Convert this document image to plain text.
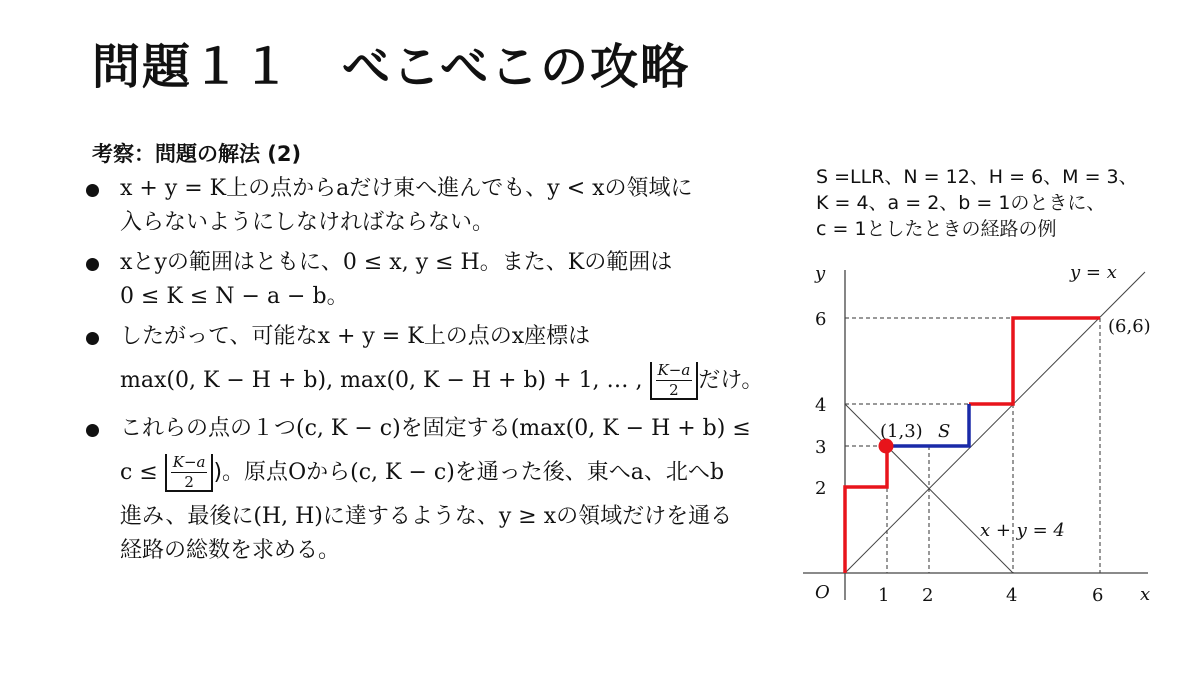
問題１１　べこべこの攻略
考察：問題の解法 (2)
x + y = K上の点からaだけ東へ進んでも、y < xの領域に
入らないようにしなければならない。
xとyの範囲はともに、0 ≤ x, y ≤ H。また、Kの範囲は
0 ≤ K ≤ N − a − b。
したがって、可能なx + y = K上の点のx座標は
max(0, K − H + b), max(0, K − H + b) + 1, … , $\frac{K-a}{2}$ だけ。
これらの点の１つ(c, K − c)を固定する(max(0, K − H + b) ≤
$c \le \frac{K-a}{2}$ )。原点Oから(c, K − c)を通った後、東へa、北へb
進み、最後に(H, H)に達するような、y ≥ xの領域だけを通る
経路の総数を求める。
S =LLR、N = 12、H = 6、M = 3、
K = 4、a = 2、b = 1のときに、
c = 1としたときの経路の例
y
x
O
y = x
x + y = 4
(6,6)
(1,3) S
1 2	4	6
2
3
4
6
